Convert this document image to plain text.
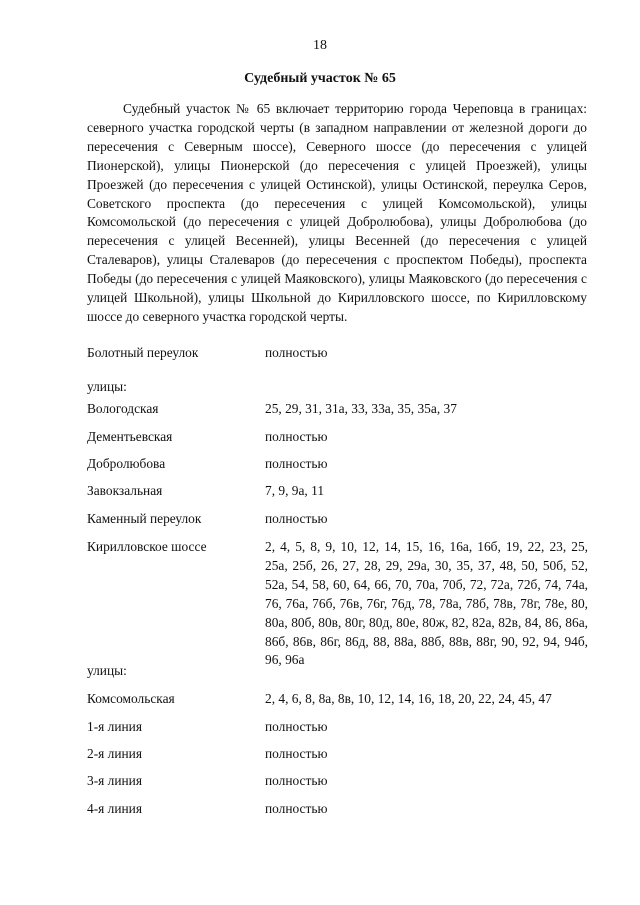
18
Судебный участок № 65

Судебный участок № 65 включает территорию города Череповца в границах: северного участка городской черты (в западном направлении от железной дороги до пересечения с Северным шоссе), Северного шоссе (до пересечения с улицей Пионерской), улицы Пионерской (до пересечения с улицей Проезжей), улицы Проезжей (до пересечения с улицей Остинской), улицы Остинской, переулка Серов, Советского проспекта (до пересечения с улицей Комсомольской), улицы Комсомольской (до пересечения с улицей Добролюбова), улицы Добролюбова (до пересечения с улицей Весенней), улицы Весенней (до пересечения с улицей Сталеваров), улицы Сталеваров (до пересечения с проспектом Победы), проспекта Победы (до пересечения с улицей Маяковского), улицы Маяковского (до пересечения с улицей Школьной), улицы Школьной до Кирилловского шоссе, по Кирилловскому шоссе до северного участка городской черты.

улицы:
улицы:
Болотный переулок	полностью
Вологодская	25, 29, 31, 31а, 33, 33а, 35, 35а, 37
Дементьевская	полностью
Добролюбова	полностью
Завокзальная	7, 9, 9а, 11
Каменный переулок	полностью
Кирилловское шоссе	2, 4, 5, 8, 9, 10, 12, 14, 15, 16, 16а, 16б, 19, 22, 23, 25, 25а, 25б, 26, 27, 28, 29, 29а, 30, 35, 37, 48, 50, 50б, 52, 52а, 54, 58, 60, 64, 66, 70, 70а, 70б, 72, 72а, 72б, 74, 74а, 76, 76а, 76б, 76в, 76г, 76д, 78, 78а, 78б, 78в, 78г, 78е, 80, 80а, 80б, 80в, 80г, 80д, 80е, 80ж, 82, 82а, 82в, 84, 86, 86а, 86б, 86в, 86г, 86д, 88, 88а, 88б, 88в, 88г, 90, 92, 94, 94б, 96, 96а
Комсомольская	2, 4, 6, 8, 8а, 8в, 10, 12, 14, 16, 18, 20, 22, 24, 45, 47
1-я линия	полностью
2-я линия	полностью
3-я линия	полностью
4-я линия	полностью
